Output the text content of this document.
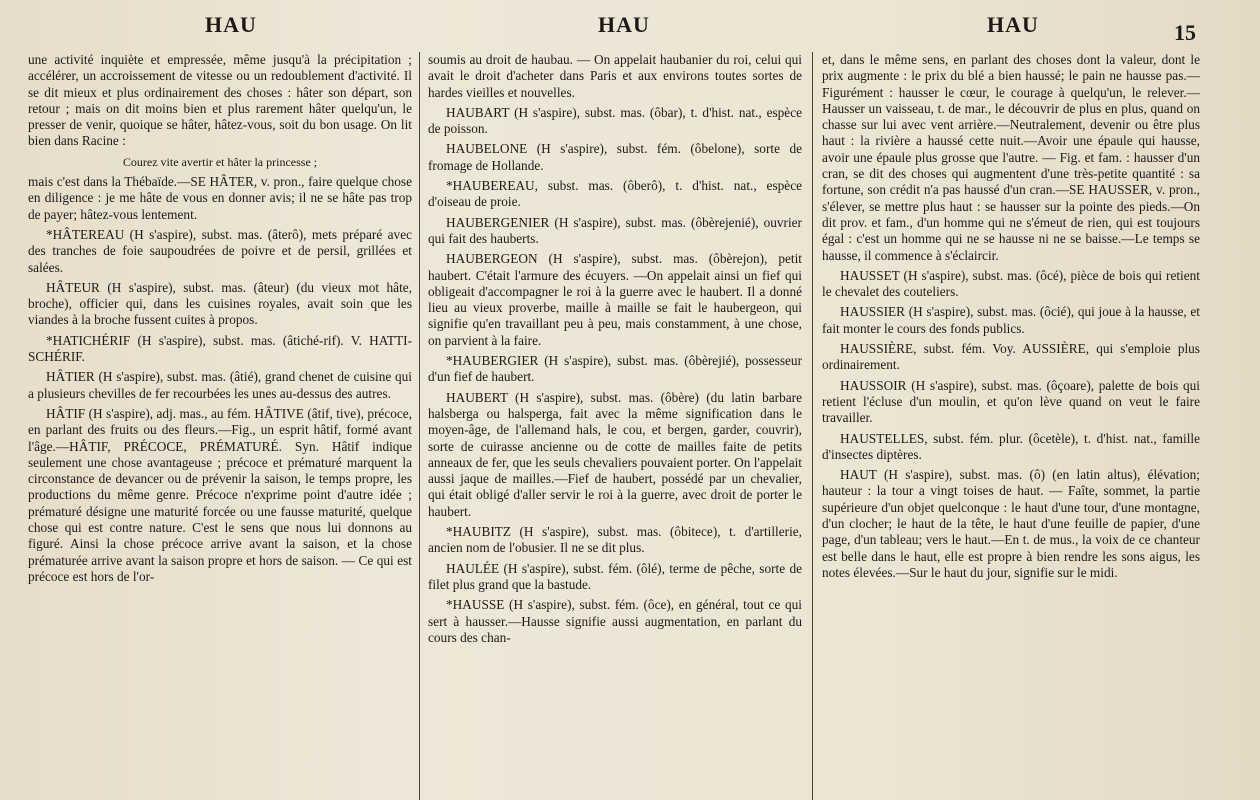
HAU	HAU	HAU	15

une activité inquiète et empressée, même jusqu'à la précipitation ; accélérer, un accroissement de vitesse ou un redoublement d'activité. Il se dit mieux et plus ordinairement des choses : hâter son départ, son retour ; mais on dit moins bien et plus rarement hâter quelqu'un, le presser de venir, quoique se hâter, hâtez-vous, soit du bon usage. On lit bien dans Racine :

Courez vite avertir et hâter la princesse ;

mais c'est dans la Thébaïde.—SE HÂTER, v. pron., faire quelque chose en diligence : je me hâte de vous en donner avis; il ne se hâte pas trop de payer; hâtez-vous lentement.

*HÂTEREAU (H s'aspire), subst. mas. (âterô), mets préparé avec des tranches de foie saupoudrées de poivre et de persil, grillées et salées.

HÂTEUR (H s'aspire), subst. mas. (âteur) (du vieux mot hâte, broche), officier qui, dans les cuisines royales, avait soin que les viandes à la broche fussent cuites à propos.

*HATICHÉRIF (H s'aspire), subst. mas. (âtiché-rif). V. HATTI-SCHÉRIF.

HÂTIER (H s'aspire), subst. mas. (âtié), grand chenet de cuisine qui a plusieurs chevilles de fer recourbées les unes au-dessus des autres.

HÂTIF (H s'aspire), adj. mas., au fém. HÂTIVE (âtif, tive), précoce, en parlant des fruits ou des fleurs.—Fig., un esprit hâtif, formé avant l'âge.—HÂTIF, PRÉCOCE, PRÉMATURÉ. Syn. Hâtif indique seulement une chose avantageuse ; précoce et prématuré marquent la circonstance de devancer ou de prévenir la saison, le temps propre, les productions du même genre. Précoce n'exprime point d'autre idée ; prématuré désigne une maturité forcée ou une fausse maturité, quelque chose qui est contre nature. C'est le sens que nous lui donnons au figuré. Ainsi la chose précoce arrive avant la saison, et la chose prématurée arrive avant la saison propre et hors de saison. — Ce qui est précoce est hors de l'or-

soumis au droit de haubau. — On appelait haubanier du roi, celui qui avait le droit d'acheter dans Paris et aux environs toutes sortes de hardes vieilles et nouvelles.

HAUBART (H s'aspire), subst. mas. (ôbar), t. d'hist. nat., espèce de poisson.

HAUBELONE (H s'aspire), subst. fém. (ôbelone), sorte de fromage de Hollande.

*HAUBEREAU, subst. mas. (ôberô), t. d'hist. nat., espèce d'oiseau de proie.

HAUBERGENIER (H s'aspire), subst. mas. (ôbèrejenié), ouvrier qui fait des hauberts.

HAUBERGEON (H s'aspire), subst. mas. (ôbèrejon), petit haubert. C'était l'armure des écuyers. —On appelait ainsi un fief qui obligeait d'accompagner le roi à la guerre avec le haubert. Il a donné lieu au vieux proverbe, maille à maille se fait le haubergeon, qui signifie qu'en travaillant peu à peu, mais constamment, à une chose, on parvient à la faire.

*HAUBERGIER (H s'aspire), subst. mas. (ôbèrejié), possesseur d'un fief de haubert.

HAUBERT (H s'aspire), subst. mas. (ôbère) (du latin barbare halsberga ou halsperga, fait avec la même signification dans le moyen-âge, de l'allemand hals, le cou, et bergen, garder, couvrir), sorte de cuirasse ancienne ou de cotte de mailles faite de petits anneaux de fer, que les seuls chevaliers pouvaient porter. On l'appelait aussi jaque de mailles.—Fief de haubert, possédé par un chevalier, qui était obligé d'aller servir le roi à la guerre, avec droit de porter le haubert.

*HAUBITZ (H s'aspire), subst. mas. (ôbitece), t. d'artillerie, ancien nom de l'obusier. Il ne se dit plus.

HAULÉE (H s'aspire), subst. fém. (ôlé), terme de pêche, sorte de filet plus grand que la bastude.

*HAUSSE (H s'aspire), subst. fém. (ôce), en général, tout ce qui sert à hausser.—Hausse signifie aussi augmentation, en parlant du cours des chan-

et, dans le même sens, en parlant des choses dont la valeur, dont le prix augmente : le prix du blé a bien haussé; le pain ne hausse pas.—Figurément : hausser le cœur, le courage à quelqu'un, le relever.—Hausser un vaisseau, t. de mar., le découvrir de plus en plus, quand on chasse sur lui avec vent arrière.—Neutralement, devenir ou être plus haut : la rivière a haussé cette nuit.—Avoir une épaule qui hausse, avoir une épaule plus grosse que l'autre. — Fig. et fam. : hausser d'un cran, se dit des choses qui augmentent d'une très-petite quantité : sa fortune, son crédit n'a pas haussé d'un cran.—SE HAUSSER, v. pron., s'élever, se mettre plus haut : se hausser sur la pointe des pieds.—On dit prov. et fam., d'un homme qui ne s'émeut de rien, qui est toujours égal : c'est un homme qui ne se hausse ni ne se baisse.—Le temps se hausse, il commence à s'éclaircir.

HAUSSET (H s'aspire), subst. mas. (ôcé), pièce de bois qui retient le chevalet des couteliers.

HAUSSIER (H s'aspire), subst. mas. (ôcié), qui joue à la hausse, et fait monter le cours des fonds publics.

HAUSSIÈRE, subst. fém. Voy. AUSSIÈRE, qui s'emploie plus ordinairement.

HAUSSOIR (H s'aspire), subst. mas. (ôçoare), palette de bois qui retient l'écluse d'un moulin, et qu'on lève quand on veut le faire travailler.

HAUSTELLES, subst. fém. plur. (ôcetèle), t. d'hist. nat., famille d'insectes diptères.

HAUT (H s'aspire), subst. mas. (ô) (en latin altus), élévation; hauteur : la tour a vingt toises de haut. — Faîte, sommet, la partie supérieure d'un objet quelconque : le haut d'une tour, d'une montagne, d'un clocher; le haut de la tête, le haut d'une feuille de papier, d'une page, d'un tableau; vers le haut.—En t. de mus., la voix de ce chanteur est belle dans le haut, elle est propre à bien rendre les sons aigus, les notes élevées.—Sur le haut du jour, signifie sur le midi.
